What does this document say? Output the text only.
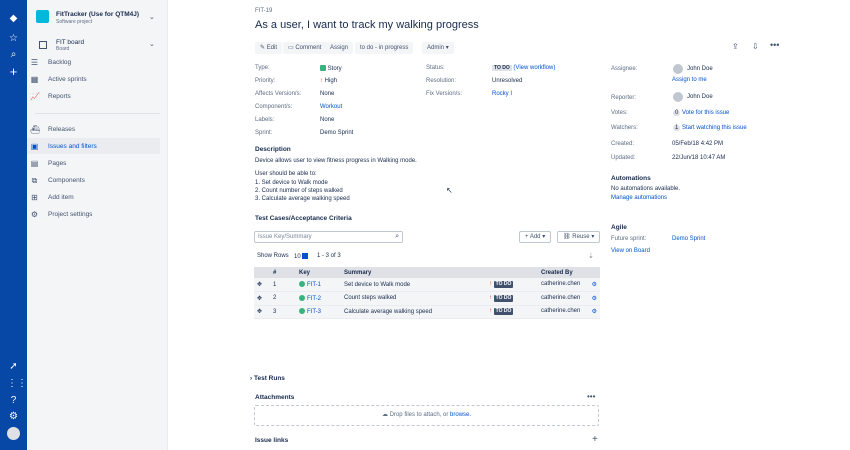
◆
☆
⌕
+
➚
⋮⋮
?
⚙
FitTracker (Use for QTM4J)
Software project
⌄
FIT board
Board
⌄
☰ Backlog
▦ Active sprints
📈 Reports
⛴ Releases
▣ Issues and filters
▤ Pages
⧉ Components
⊞ Add item
⚙ Project settings
FIT-19
As a user, I want to track my walking progress
✎ Edit	▭ Comment	Assign	to do - in progress	Admin ▾	⇪ ⇩ •••
Type:	Story
Priority:	↑ High
Affects Version/s:	None
Component/s:	Workout
Labels:	None
Sprint:	Demo Sprint
Status:	TO DO (View workflow)
Resolution:	Unresolved
Fix Version/s:	Rocky I
Description
Device allows user to view fitness progress in Walking mode.
User should be able to:
1. Set device to Walk mode
2. Count number of steps walked
3. Calculate average walking speed
↖
Test Cases/Acceptance Criteria
Issue Key/Summary	⌕	+ Add ▾	⛓ Reuse ▾
Show Rows 10	1 - 3 of 3	⇣
	#	Key	Summary		Created By
✥	1	FIT-1	Set device to Walk mode	↑ TO DO	catherine.chen ⚙

✥	2	FIT-2	Count steps walked	↑ TO DO	catherine.chen ⚙

✥	3	FIT-3	Calculate average walking speed	↑ TO DO	catherine.chen ⚙
› Test Runs
Attachments	•••
☁ Drop files to attach, or browse.
Issue links	+
Assignee:	John Doe
Assign to me
Reporter:	John Doe
Votes:	0 Vote for this issue
Watchers:	1 Start watching this issue
Created:	05/Feb/18 4:42 PM
Updated:	22/Jun/18 10:47 AM
Automations
No automations available.
Manage automations
Agile
Future sprint:	Demo Sprint
View on Board
